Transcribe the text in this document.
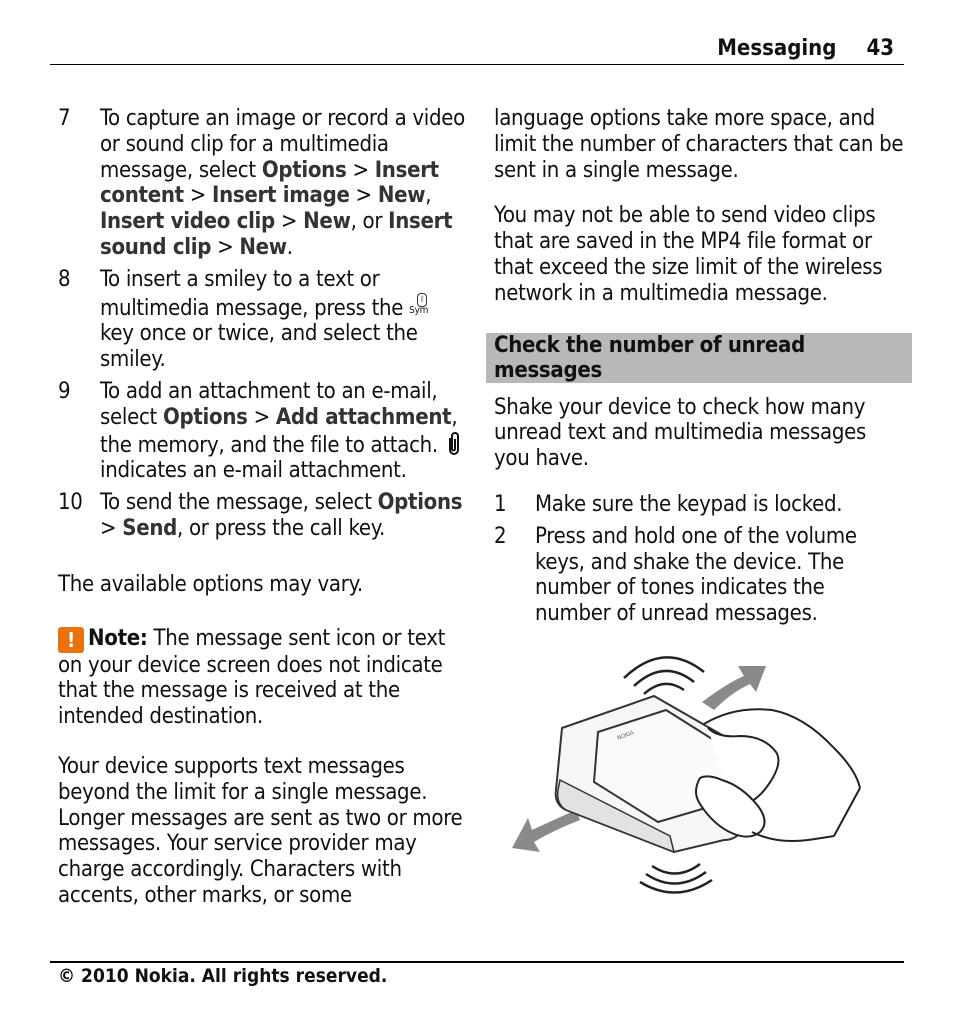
Messaging 43
7	To capture an image or record a video or sound clip for a multimedia message, select Options > Insert content > Insert image > New, Insert video clip > New, or Insert sound clip > New.
8	To insert a smiley to a text or multimedia message, press the	ᛒ
Sym
key once or twice, and select the smiley.
9	To add an attachment to an e-mail, select Options > Add attachment, the memory, and the file to attach.  indicates an e-mail attachment.
10 To send the message, select Options > Send, or press the call key.

The available options may vary.

! Note: The message sent icon or text on your device screen does not indicate that the message is received at the intended destination.

Your device supports text messages beyond the limit for a single message. Longer messages are sent as two or more messages. Your service provider may charge accordingly. Characters with accents, other marks, or some

language options take more space, and limit the number of characters that can be sent in a single message.

You may not be able to send video clips that are saved in the MP4 file format or that exceed the size limit of the wireless network in a multimedia message.

Check the number of unread messages

Shake your device to check how many unread text and multimedia messages you have.

1	Make sure the keypad is locked.
2	Press and hold one of the volume keys, and shake the device. The number of tones indicates the number of unread messages.
NOKIA
© 2010 Nokia. All rights reserved.
